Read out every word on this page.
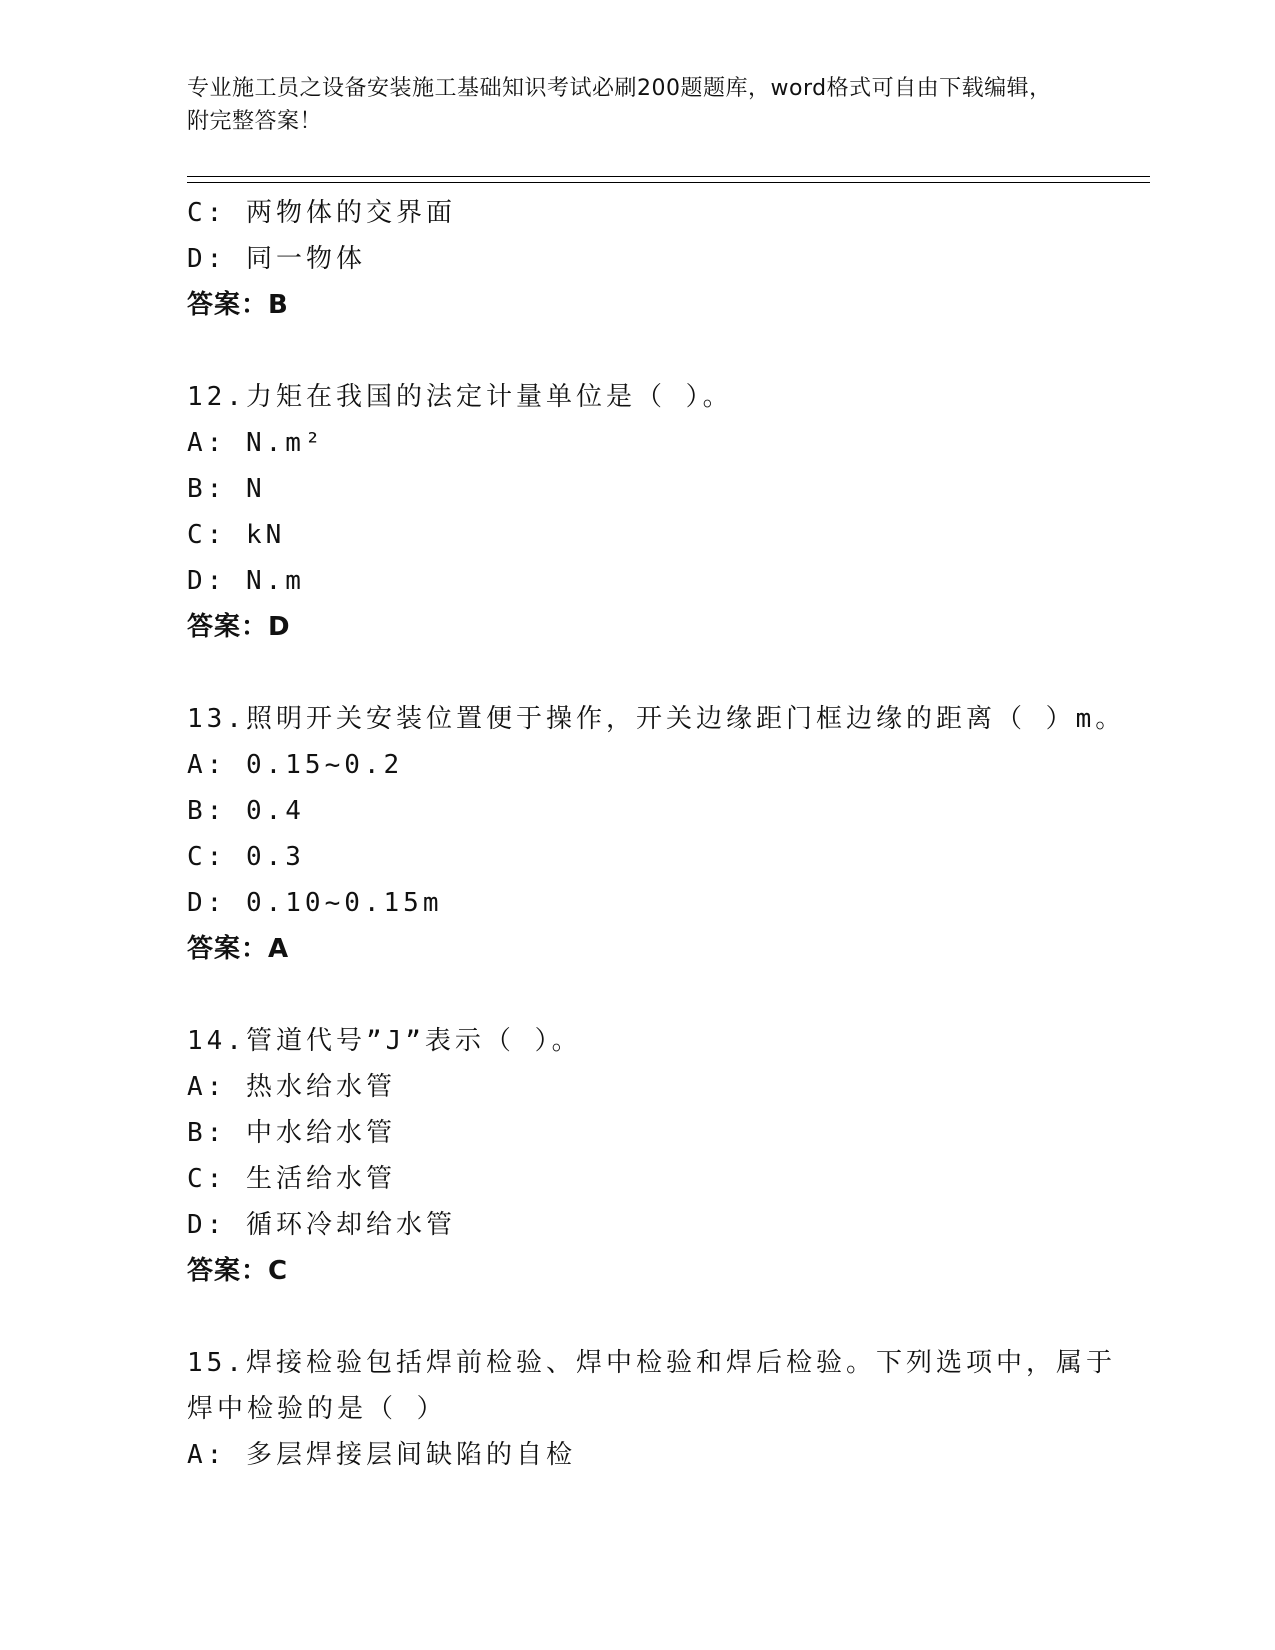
专业施工员之设备安装施工基础知识考试必刷200题题库，word格式可自由下载编辑，附完整答案！
C: 两物体的交界面
D: 同一物体
答案：B
12.力矩在我国的法定计量单位是（ ）。
A: N.m²
B: N
C: kN
D: N.m
答案：D
13.照明开关安装位置便于操作，开关边缘距门框边缘的距离（ ）m。
A: 0.15~0.2
B: 0.4
C: 0.3
D: 0.10~0.15m
答案：A
14.管道代号”J”表示（ ）。
A: 热水给水管
B: 中水给水管
C: 生活给水管
D: 循环冷却给水管
答案：C
15.焊接检验包括焊前检验、焊中检验和焊后检验。下列选项中，属于
焊中检验的是（ ）
A: 多层焊接层间缺陷的自检
